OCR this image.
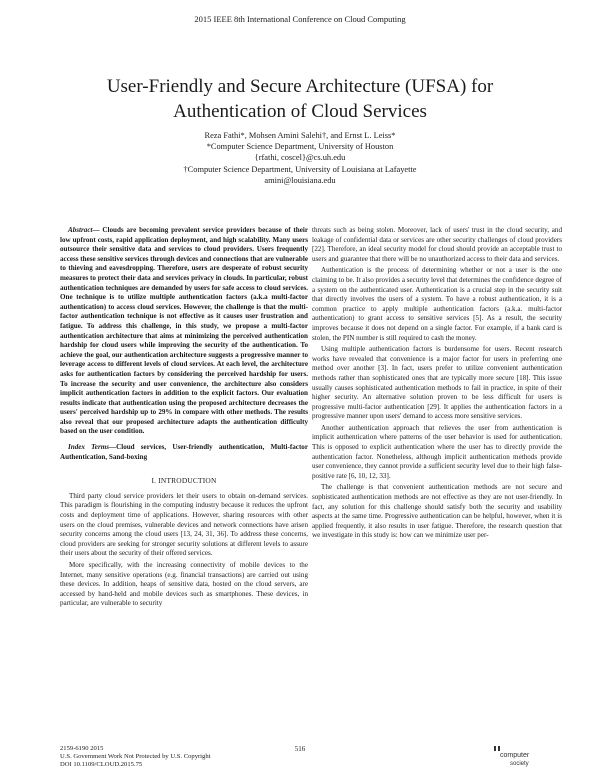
2015 IEEE 8th International Conference on Cloud Computing
User-Friendly and Secure Architecture (UFSA) for
Authentication of Cloud Services
Reza Fathi*, Mohsen Amini Salehi†, and Ernst L. Leiss*
*Computer Science Department, University of Houston
{rfathi, coscel}@cs.uh.edu
†Computer Science Department, University of Louisiana at Lafayette
amini@louisiana.edu

Abstract— Clouds are becoming prevalent service providers because of their low upfront costs, rapid application deployment, and high scalability. Many users outsource their sensitive data and services to cloud providers. Users frequently access these sensitive services through devices and connections that are vulnerable to thieving and eavesdropping. Therefore, users are desperate of robust security measures to protect their data and services privacy in clouds. In particular, robust authentication techniques are demanded by users for safe access to cloud services. One technique is to utilize multiple authentication factors (a.k.a multi-factor authentication) to access cloud services. However, the challenge is that the multi-factor authentication technique is not effective as it causes user frustration and fatigue. To address this challenge, in this study, we propose a multi-factor authentication architecture that aims at minimizing the perceived authentication hardship for cloud users while improving the security of the authentication. To achieve the goal, our authentication architecture suggests a progressive manner to leverage access to different levels of cloud services. At each level, the architecture asks for authentication factors by considering the perceived hardship for users. To increase the security and user convenience, the architecture also considers implicit authentication factors in addition to the explicit factors. Our evaluation results indicate that authentication using the proposed architecture decreases the users' perceived hardship up to 29% in compare with other methods. The results also reveal that our proposed architecture adapts the authentication difficulty based on the user condition.

Index Terms—Cloud services, User-friendly authentication, Multi-factor Authentication, Sand-boxing

I. INTRODUCTION

Third party cloud service providers let their users to obtain on-demand services. This paradigm is flourishing in the computing industry because it reduces the upfront costs and deployment time of applications. However, sharing resources with other users on the cloud premises, vulnerable devices and network connections have arisen security concerns among the cloud users [13, 24, 31, 36]. To address these concerns, cloud providers are seeking for stronger security solutions at different levels to assure their users about the security of their offered services.

More specifically, with the increasing connectivity of mobile devices to the Internet, many sensitive operations (e.g. financial transactions) are carried out using these devices. In addition, heaps of sensitive data, hosted on the cloud servers, are accessed by hand-held and mobile devices such as smartphones. These devices, in particular, are vulnerable to security

threats such as being stolen. Moreover, lack of users' trust in the cloud security, and leakage of confidential data or services are other security challenges of cloud providers [22]. Therefore, an ideal security model for cloud should provide an acceptable trust to users and guarantee that there will be no unauthorized access to their data and services.

Authentication is the process of determining whether or not a user is the one claiming to be. It also provides a security level that determines the confidence degree of a system on the authenticated user. Authentication is a crucial step in the security suit that directly involves the users of a system. To have a robust authentication, it is a common practice to apply multiple authentication factors (a.k.a. multi-factor authentication) to grant access to sensitive services [5]. As a result, the security improves because it does not depend on a single factor. For example, if a bank card is stolen, the PIN number is still required to cash the money.

Using multiple authentication factors is burdensome for users. Recent research works have revealed that convenience is a major factor for users in preferring one method over another [3]. In fact, users prefer to utilize convenient authentication methods rather than sophisticated ones that are typically more secure [18]. This issue usually causes sophisticated authentication methods to fail in practice, in spite of their higher security. An alternative solution proven to be less difficult for users is progressive multi-factor authentication [29]. It applies the authentication factors in a progressive manner upon users' demand to access more sensitive services.

Another authentication approach that relieves the user from authentication is implicit authentication where patterns of the user behavior is used for authentication. This is opposed to explicit authentication where the user has to directly provide the authentication factor. Nonetheless, although implicit authentication methods provide user convenience, they cannot provide a sufficient security level due to their high false-positive rate [6, 10, 12, 33].

The challenge is that convenient authentication methods are not secure and sophisticated authentication methods are not effective as they are not user-friendly. In fact, any solution for this challenge should satisfy both the security and usability aspects at the same time. Progressive authentication can be helpful, however, when it is applied frequently, it also results in user fatigue. Therefore, the research question that we investigate in this study is: how can we minimize user per-

2159-6190 2015
U.S. Government Work Not Protected by U.S. Copyright
DOI 10.1109/CLOUD.2015.75
516
computer
society
